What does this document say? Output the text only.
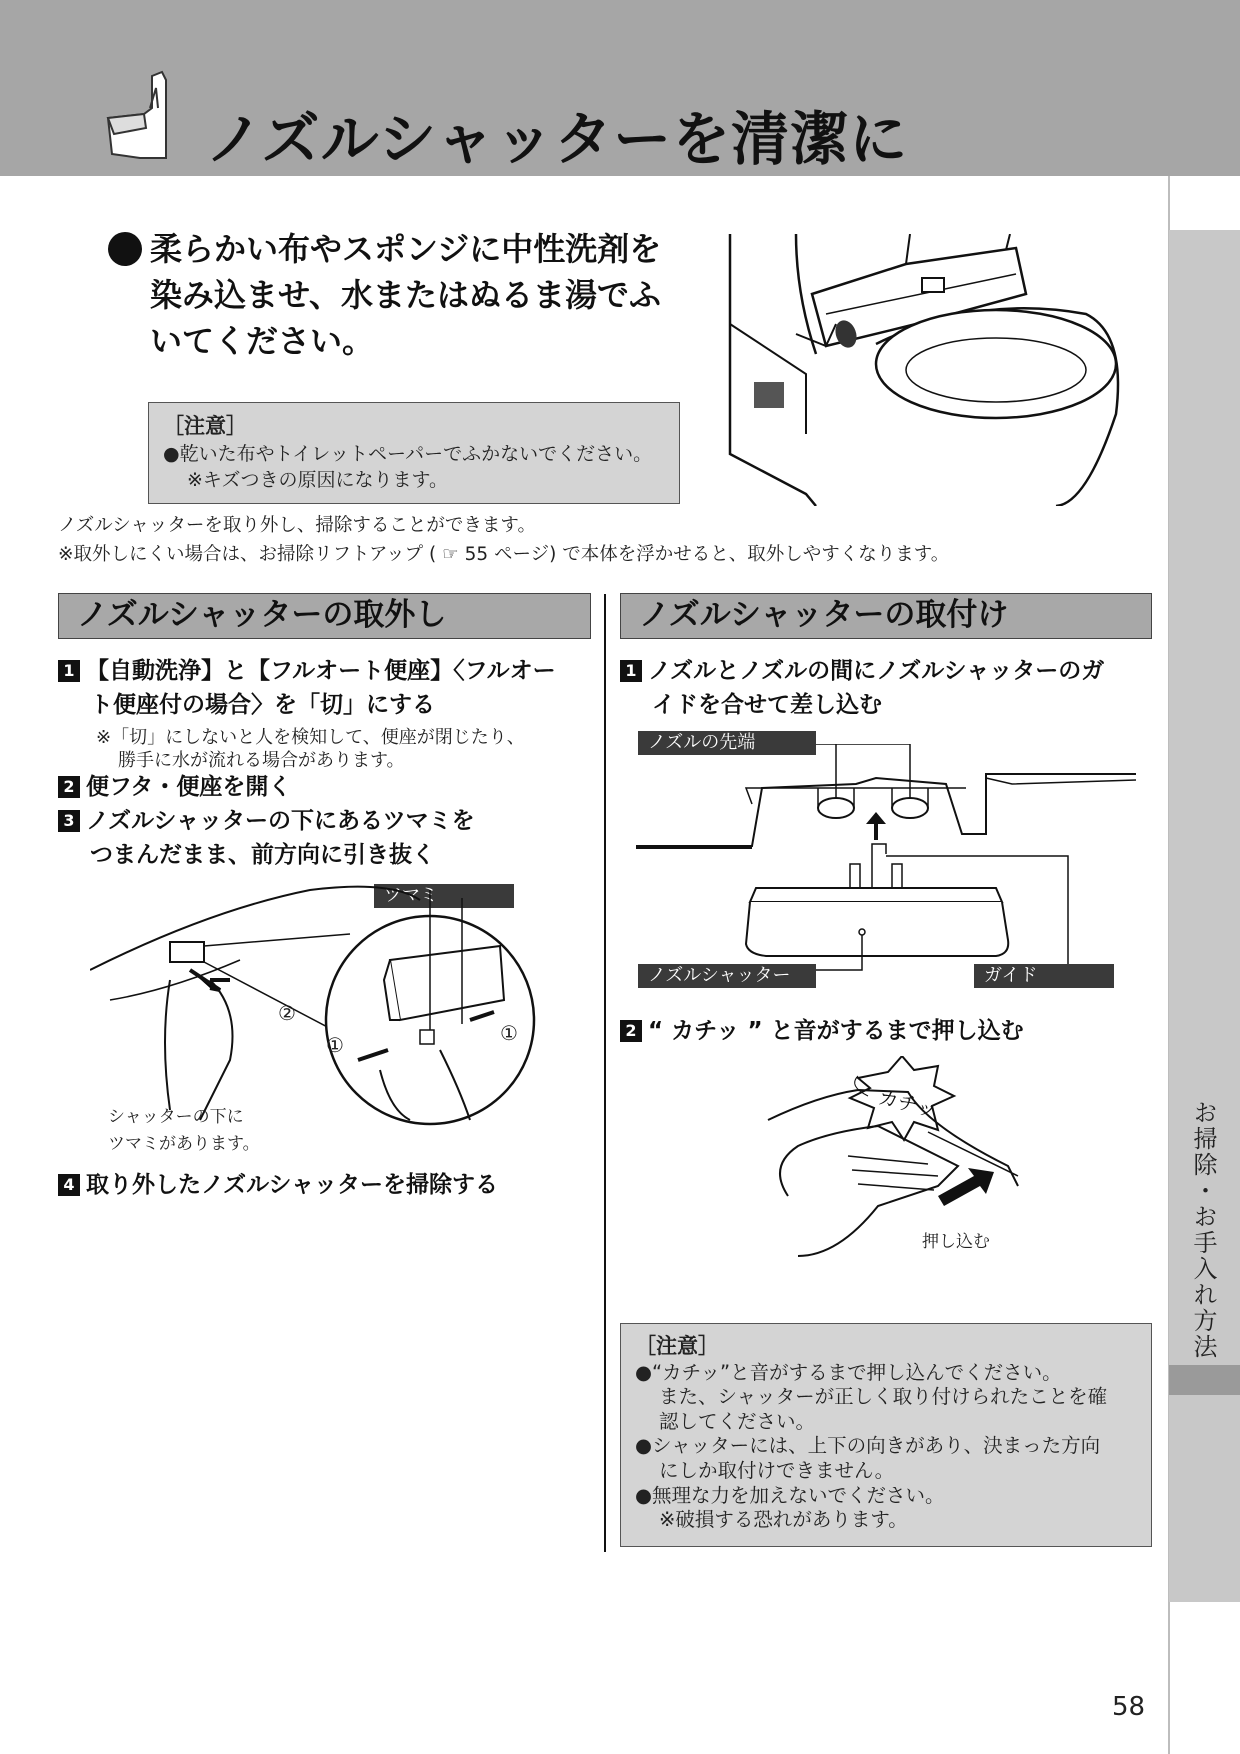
ノズルシャッターを清潔に
お掃除・お手入れ方法
柔らかい布やスポンジに中性洗剤を
染み込ませ、水またはぬるま湯でふ
いてください。
［注意］
●乾いた布やトイレットペーパーでふかないでください。
※キズつきの原因になります。
ノズルシャッターを取り外し、掃除することができます。
※取外しにくい場合は、お掃除リフトアップ ( ☞ 55 ページ) で本体を浮かせると、取外しやすくなります。
ノズルシャッターの取外し	ノズルシャッターの取付け
1 【自動洗浄】と【フルオート便座】〈フルオー
ト便座付の場合〉を「切」にする
※「切」にしないと人を検知して、便座が閉じたり、
勝手に水が流れる場合があります。
2 便フタ・便座を開く
3 ノズルシャッターの下にあるツマミを
つまんだまま、前方向に引き抜く
ツマミ
②
①	①
シャッターの下に
ツマミがあります。
4 取り外したノズルシャッターを掃除する
1 ノズルとノズルの間にノズルシャッターのガ
イドを合せて差し込む
ノズルの先端
ノズルシャッター	ガイド
2 “ カチッ ” と音がするまで押し込む
カチッ
押し込む
［注意］
●“カチッ”と音がするまで押し込んでください。
また、シャッターが正しく取り付けられたことを確
認してください。
●シャッターには、上下の向きがあり、決まった方向
にしか取付けできません。
●無理な力を加えないでください。
※破損する恐れがあります。
58
